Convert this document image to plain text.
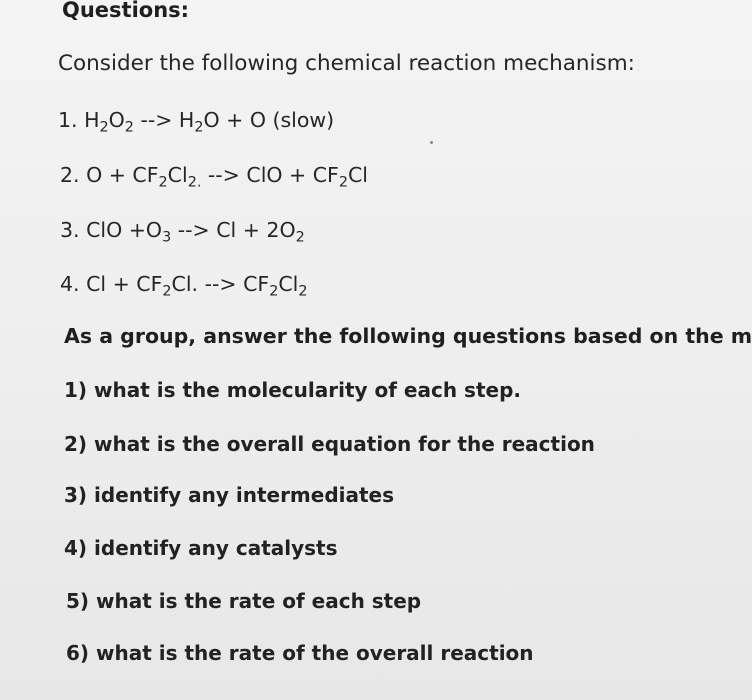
Questions:
Consider the following chemical reaction mechanism:
1. $H_2O_2$ --> $H_2O + O$ (slow)
2. $O + CF_2Cl_{2.}$ --> ClO + $CF_2Cl$
3. ClO $+O_3$ --> $Cl + 2O_2$
4. $Cl + CF_2Cl$. --> $CF_2Cl_2$
As a group, answer the following questions based on the m
1) what is the molecularity of each step.
2) what is the overall equation for the reaction
3) identify any intermediates
4) identify any catalysts
5) what is the rate of each step
6) what is the rate of the overall reaction
